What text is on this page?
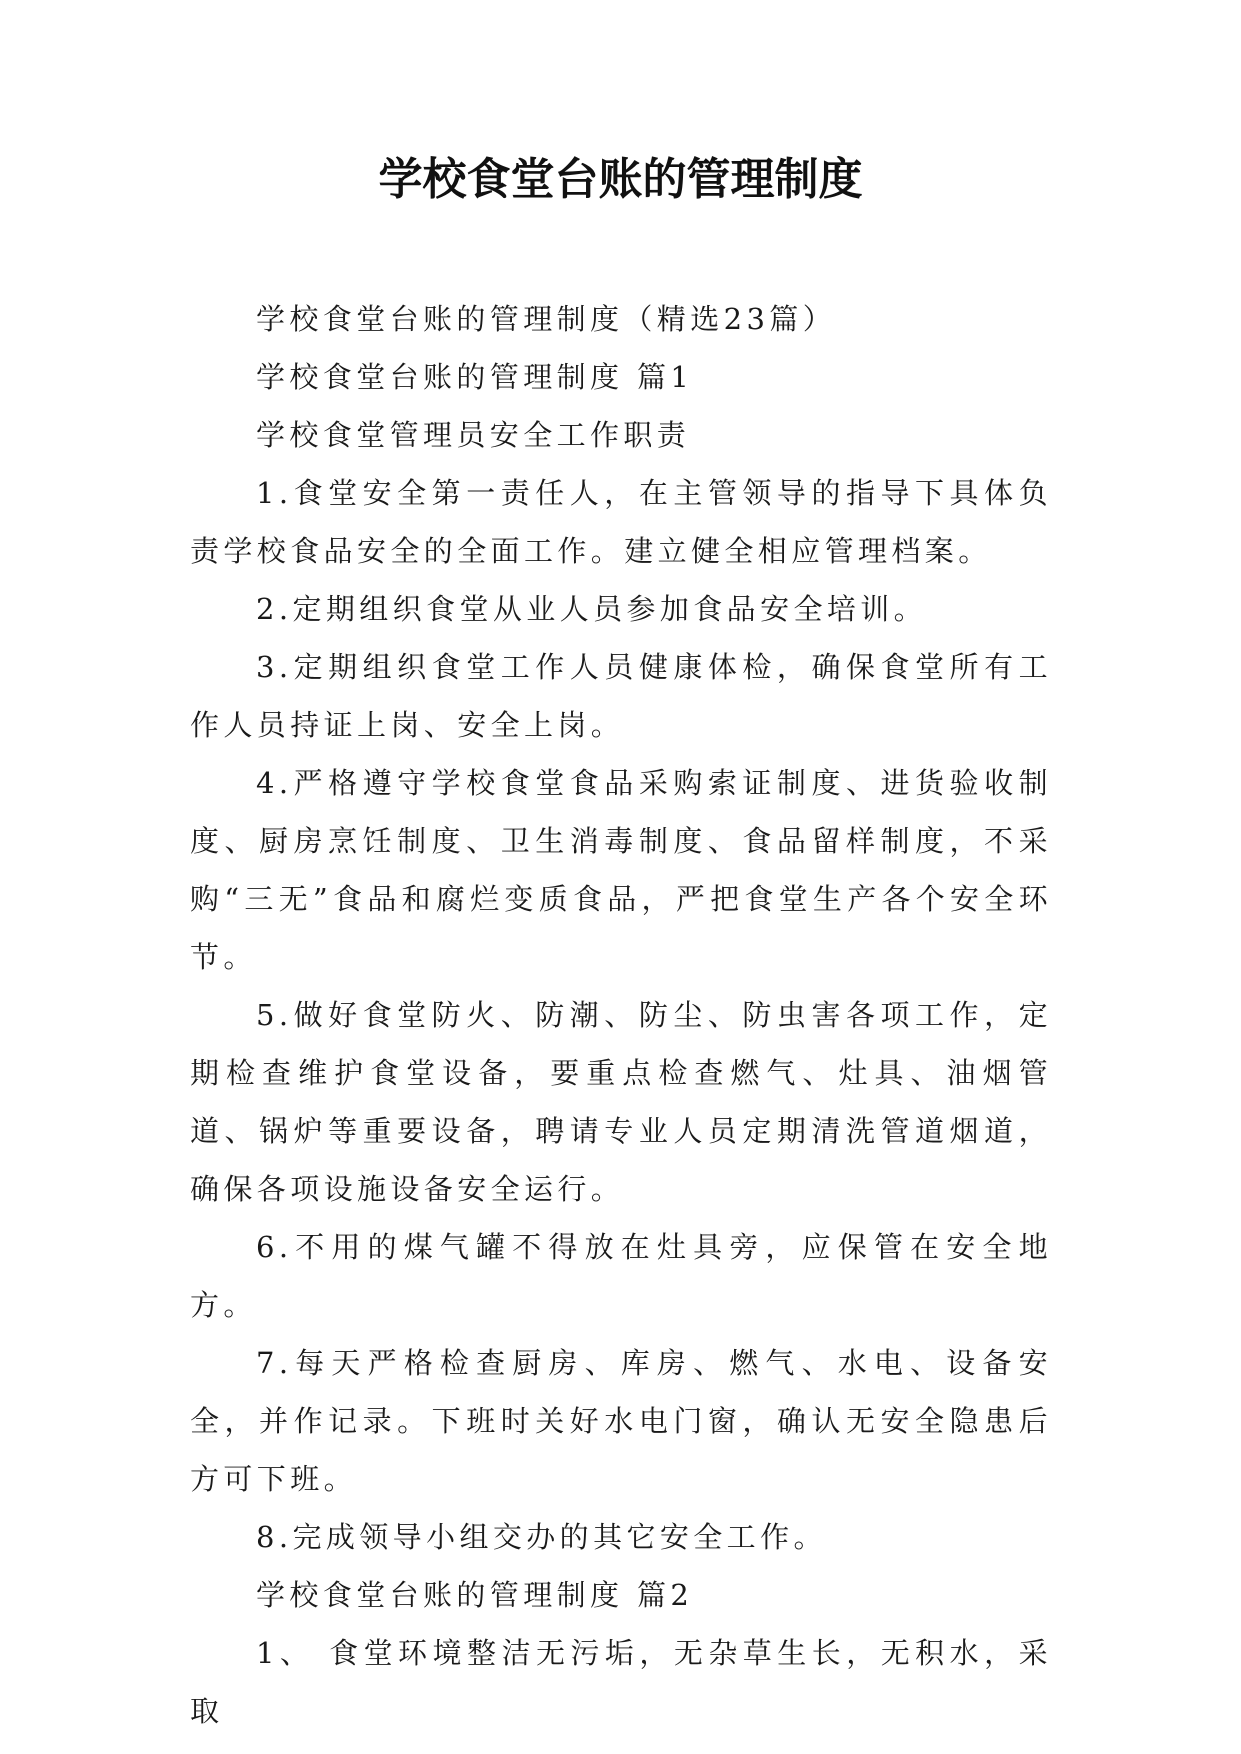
学校食堂台账的管理制度

学校食堂台账的管理制度（精选23篇）

学校食堂台账的管理制度 篇1

学校食堂管理员安全工作职责

1.食堂安全第一责任人，在主管领导的指导下具体负责学校食品安全的全面工作。建立健全相应管理档案。

2.定期组织食堂从业人员参加食品安全培训。

3.定期组织食堂工作人员健康体检，确保食堂所有工作人员持证上岗、安全上岗。

4.严格遵守学校食堂食品采购索证制度、进货验收制度、厨房烹饪制度、卫生消毒制度、食品留样制度，不采购“三无”食品和腐烂变质食品，严把食堂生产各个安全环节。

5.做好食堂防火、防潮、防尘、防虫害各项工作，定期检查维护食堂设备，要重点检查燃气、灶具、油烟管道、锅炉等重要设备，聘请专业人员定期清洗管道烟道，确保各项设施设备安全运行。

6.不用的煤气罐不得放在灶具旁，应保管在安全地方。

7.每天严格检查厨房、库房、燃气、水电、设备安全，并作记录。下班时关好水电门窗，确认无安全隐患后方可下班。

8.完成领导小组交办的其它安全工作。

学校食堂台账的管理制度 篇2

1、 食堂环境整洁无污垢，无杂草生长，无积水，采取
